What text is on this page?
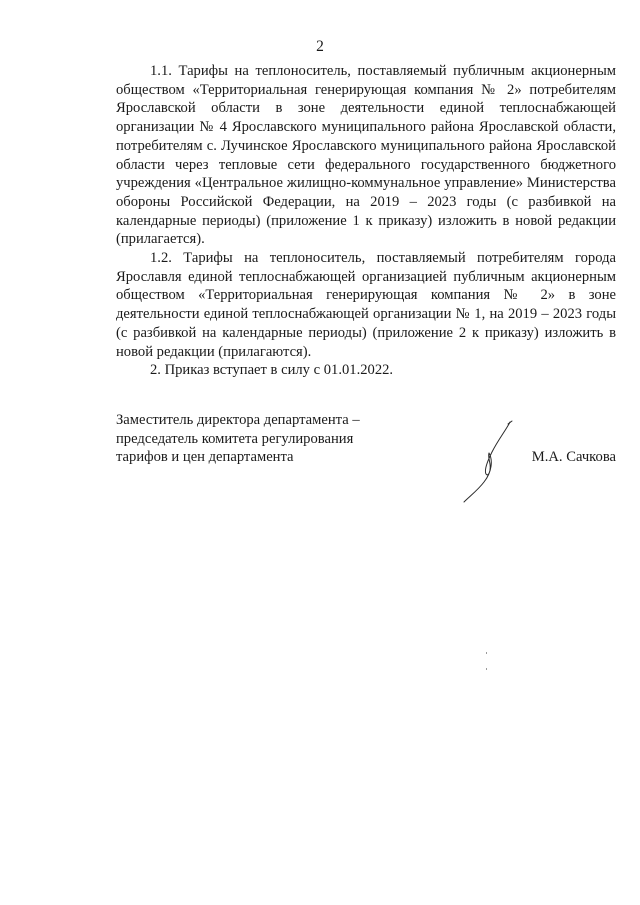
2

1.1. Тарифы на теплоноситель, поставляемый публичным акционерным обществом «Территориальная генерирующая компания № 2» потребителям Ярославской области в зоне деятельности единой теплоснабжающей организации № 4 Ярославского муниципального района Ярославской области, потребителям с. Лучинское Ярославского муниципального района Ярославской области через тепловые сети федерального государственного бюджетного учреждения «Центральное жилищно-коммунальное управление» Министерства обороны Российской Федерации, на 2019 – 2023 годы (с разбивкой на календарные периоды) (приложение 1 к приказу) изложить в новой редакции (прилагается).

1.2. Тарифы на теплоноситель, поставляемый потребителям города Ярославля единой теплоснабжающей организацией публичным акционерным обществом «Территориальная генерирующая компания № 2» в зоне деятельности единой теплоснабжающей организации № 1, на 2019 – 2023 годы (с разбивкой на календарные периоды) (приложение 2 к приказу) изложить в новой редакции (прилагаются).

2. Приказ вступает в силу с 01.01.2022.

Заместитель директора департамента –
председатель комитета регулирования
тарифов и цен департамента	М.А. Сачкова
